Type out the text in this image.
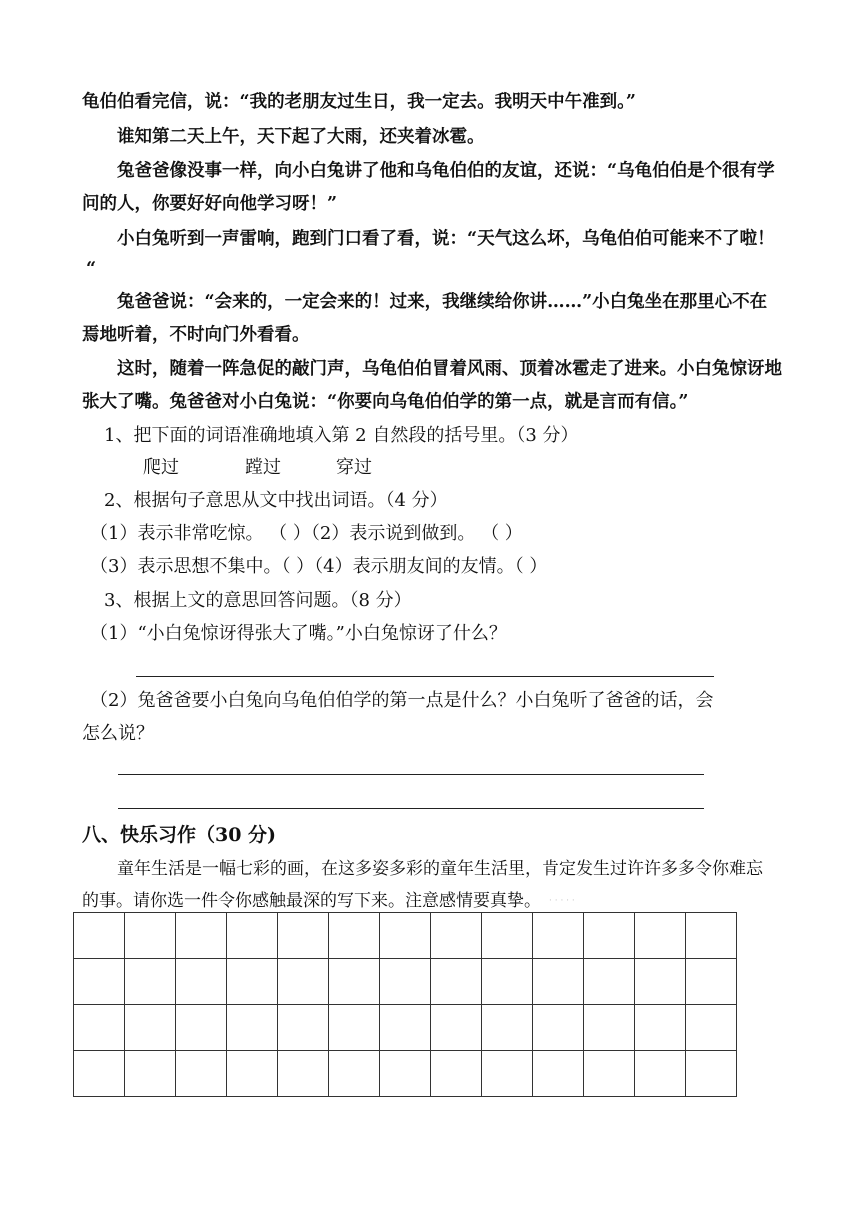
龟伯伯看完信，说：“我的老朋友过生日，我一定去。我明天中午准到。”
谁知第二天上午，天下起了大雨，还夹着冰雹。
兔爸爸像没事一样，向小白兔讲了他和乌龟伯伯的友谊，还说：“乌龟伯伯是个很有学
问的人，你要好好向他学习呀！”
小白兔听到一声雷响，跑到门口看了看，说：“天气这么坏，乌龟伯伯可能来不了啦！
“
兔爸爸说：“会来的，一定会来的！过来，我继续给你讲……”小白兔坐在那里心不在
焉地听着，不时向门外看看。
这时，随着一阵急促的敲门声，乌龟伯伯冒着风雨、顶着冰雹走了进来。小白兔惊讶地
张大了嘴。兔爸爸对小白兔说：“你要向乌龟伯伯学的第一点，就是言而有信。”
1、把下面的词语准确地填入第 2 自然段的括号里。（3 分）
爬过	蹚过	穿过
2、根据句子意思从文中找出词语。（4 分）
（1）表示非常吃惊。 （ ）（2）表示说到做到。 （ ）
（3）表示思想不集中。（ ）（4）表示朋友间的友情。（ ）
3、根据上文的意思回答问题。（8 分）
（1）“小白兔惊讶得张大了嘴。”小白兔惊讶了什么？
（2）兔爸爸要小白兔向乌龟伯伯学的第一点是什么？小白兔听了爸爸的话，会
怎么说？
八、快乐习作（30 分)
童年生活是一幅七彩的画，在这多姿多彩的童年生活里，肯定发生过许许多多令你难忘
的事。请你选一件令你感触最深的写下来。注意感情要真挚。 · · · · ·
